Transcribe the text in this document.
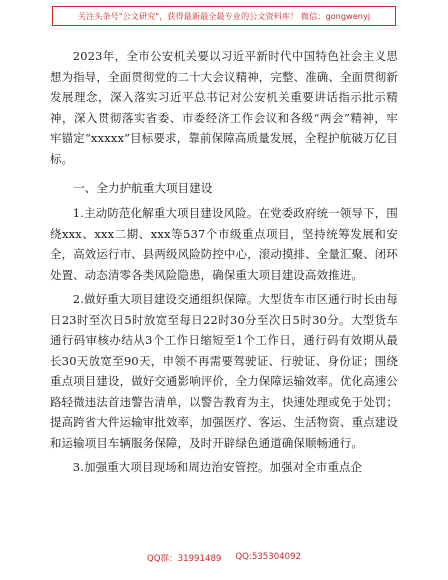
关注头条号"公文研究"，获得最新最全最专业的公文资料库！ 微信：gongwenyj

2023年，全市公安机关要以习近平新时代中国特色社会主义思想为指导，全面贯彻党的二十大会议精神，完整、准确、全面贯彻新发展理念，深入落实习近平总书记对公安机关重要讲话指示批示精神，深入贯彻落实省委、市委经济工作会议和各级“两会”精神，牢牢锚定“xxxxx”目标要求，靠前保障高质量发展，全程护航破万亿目标。

一、全力护航重大项目建设

1.主动防范化解重大项目建设风险。在党委政府统一领导下，围绕xxx、xxx二期、xxx等537个市级重点项目，坚持统筹发展和安全，高效运行市、县两级风险防控中心，滚动摸排、全量汇聚、闭环处置、动态清零各类风险隐患，确保重大项目建设高效推进。

2.做好重大项目建设交通组织保障。大型货车市区通行时长由每日23时至次日5时放宽至每日22时30分至次日5时30分。大型货车通行码审核办结从3个工作日缩短至1个工作日，通行码有效期从最长30天放宽至90天，申领不再需要驾驶证、行驶证、身份证；围绕重点项目建设，做好交通影响评价，全力保障运输效率。优化高速公路轻微违法首违警告清单，以警告教育为主，快速处理或免于处罚；提高跨省大件运输审批效率，加强医疗、客运、生活物资、重点建设和运输项目车辆服务保障，及时开辟绿色通道确保顺畅通行。

3.加强重大项目现场和周边治安管控。加强对全市重点企

QQ群：31991489 QQ:535304092
